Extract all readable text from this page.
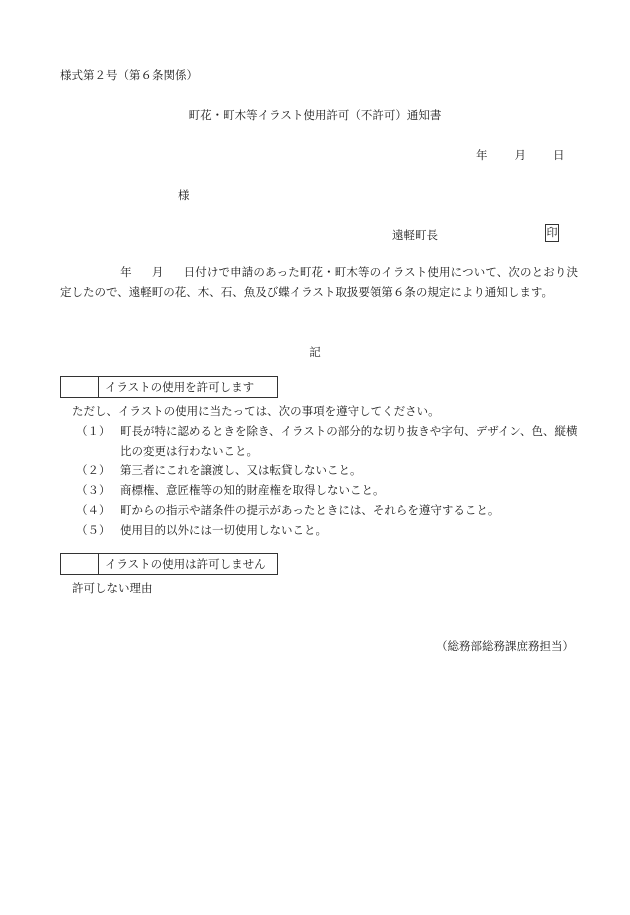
様式第２号（第６条関係）
町花・町木等イラスト使用許可（不許可）通知書
年 月 日
様
遠軽町長	印
年 月 日付けで申請のあった町花・町木等のイラスト使用について、次のとおり決定したので、遠軽町の花、木、石、魚及び蝶イラスト取扱要領第６条の規定により通知します。
記
イラストの使用を許可します
ただし、イラストの使用に当たっては、次の事項を遵守してください。
（１） 町長が特に認めるときを除き、イラストの部分的な切り抜きや字句、デザイン、色、縦横比の変更は行わないこと。
（２） 第三者にこれを譲渡し、又は転貸しないこと。
（３） 商標権、意匠権等の知的財産権を取得しないこと。
（４） 町からの指示や諸条件の提示があったときには、それらを遵守すること。
（５） 使用目的以外には一切使用しないこと。
イラストの使用は許可しません
許可しない理由
（総務部総務課庶務担当）
